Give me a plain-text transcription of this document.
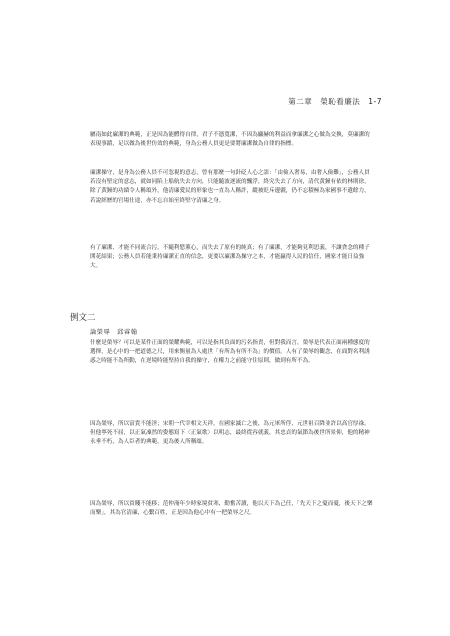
第二章　榮恥看廉法　1-7

屬南如此廉潔的典範，正是因為能體得自律，君子不憑寬潔，不因為顯赫的利益而拿廉潔之心做為交換，莫廉潔的表現事蹟，足以做為後世仿效的典範，身為公務人員更是要將廉潔做為自律的指標。

廉潔操守，是身為公務人員不可忽視的意志，曾有那麼一句針砭人心之語：「由儉入奢易，由奢入儉難」，公務人員若沒有堅定的意志，就如同陷上船航失去方向，只能隨波逐流的飄浮，終究失去了方向，清代黃鐘有依的林則徐，除了黃鐘的功績令人稱頌外，他清廉愛民的形象也一直為人稱許，縱被貶斥邊疆，仍不忘積極為家國事不遺餘力，若說經歷的官場仕途，亦不忘自始至終堅守清廉之身。

有了廉潔，才能不同流合污，不隨利慾薰心，而失去了原有的純真；有了廉潔，才能夠見利思義，不讓貪念的種子開花結果；公務人員若能秉持廉潔正直的信念，更要以廉潔為操守之本，才能贏得人民的信任，國家才能日益強大。

例文二
論榮辱　邱睿翰

什麼是榮辱？可以是某件正面的榮耀典範，可以是指其負面的污名指責，但對我而言，榮辱是代表正面兩種態度的選擇，是心中的一把道德之尺，用來衡量為人處世「有所為有所不為」的價值。人有了榮辱的觀念，在面對名利誘惑之時能不為所動，在逆境時能堅持自我的操守，在權力之前能守住原則，做到有所不為。

因為榮辱，所以富貴不能淫；宋朝一代宰相文天祥，在國家滅亡之後，為元軍所俘，元世祖召降並許以高官厚祿，但他寧死不屈，以正氣凜然的姿態寫下〈正氣歌〉以明志，最終從容就義，其忠貞的氣節為後世所景仰，他的精神永垂不朽，為人臣者的典範，更為後人所稱頌。

因為榮辱，所以貧賤不能移；范仲淹年少時家境貧寒，勤奮苦讀，他以天下為己任，「先天下之憂而憂，後天下之樂而樂」，其為官清廉，心繫百姓，正是因為他心中有一把榮辱之尺。
